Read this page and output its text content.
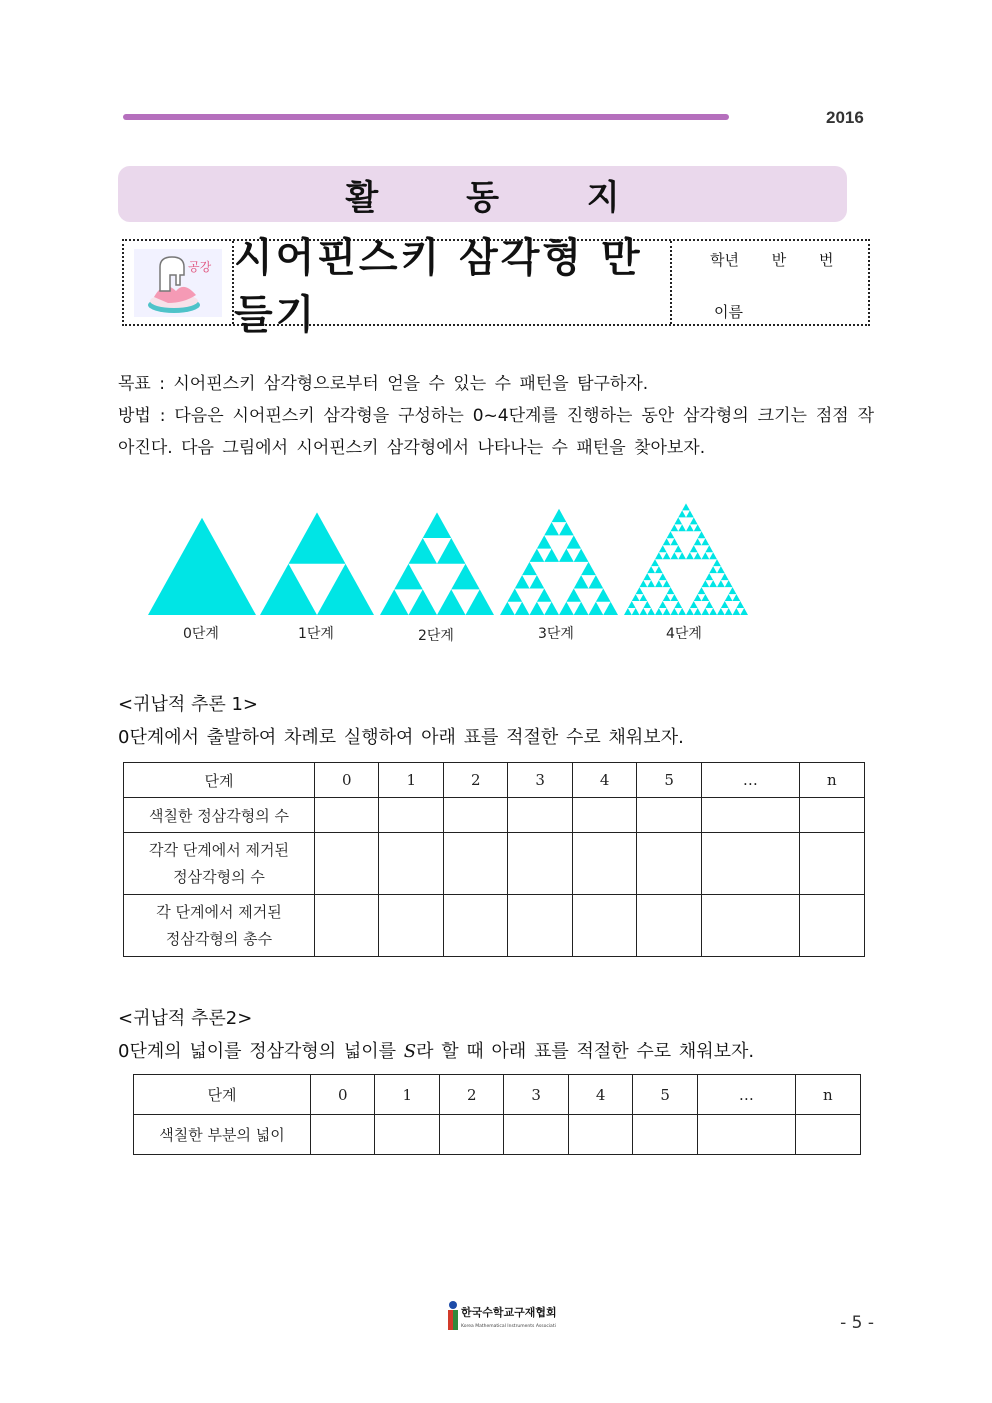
2016
활 동 지
공강 시어핀스키 삼각형 만들기
학년 반 번
이름

목표 : 시어핀스키 삼각형으로부터 얻을 수 있는 수 패턴을 탐구하자.

방법 : 다음은 시어핀스키 삼각형을 구성하는 0~4단계를 진행하는 동안 삼각형의 크기는 점점 작아진다. 다음 그림에서 시어핀스키 삼각형에서 나타나는 수 패턴을 찾아보자.

0단계	1단계	2단계	3단계	4단계
<귀납적 추론 1>
0단계에서 출발하여 차례로 실행하여 아래 표를 적절한 수로 채워보자.
단계	0	1	2	3	4	5	…	n
색칠한 정삼각형의 수								

각각 단계에서 제거된
정삼각형의 수								

각 단계에서 제거된
정삼각형의 총수								

<귀납적 추론2>
0단계의 넓이를 정삼각형의 넓이를 S라 할 때 아래 표를 적절한 수로 채워보자.
단계	0	1	2	3	4	5	…	n
색칠한 부분의 넓이								
한국수학교구재협회
Korea Mathematical Instruments Association	- 5 -
